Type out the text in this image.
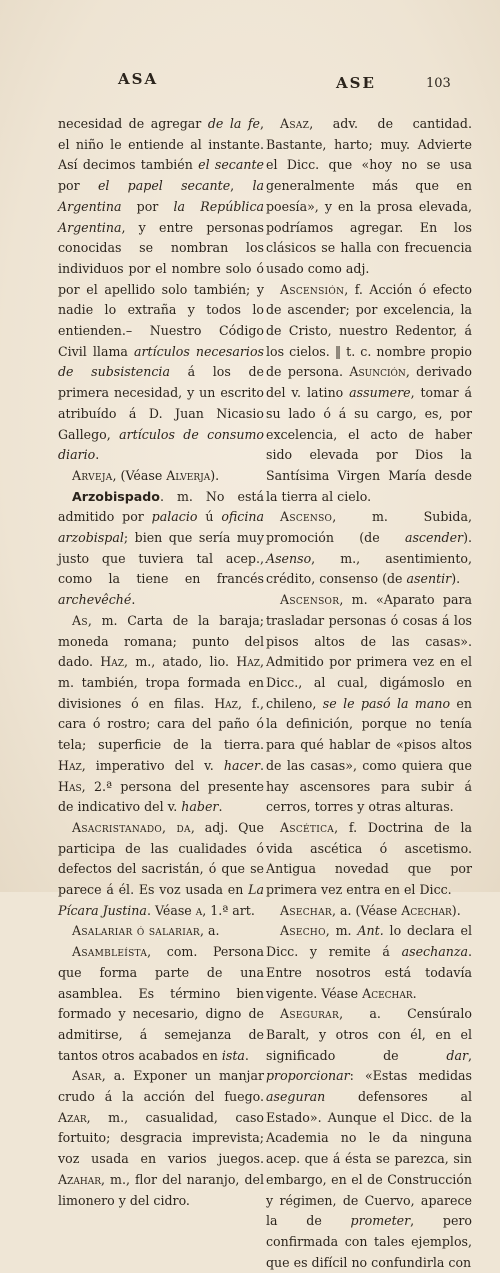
ASA	ASE	103

necesidad de agregar de la fe, el niño le entiende al instante. Así decimos también el secante por el papel secante, la Argentina por la República Argentina, y entre personas conocidas se nombran los individuos por el nombre solo ó por el apellido solo también; y nadie lo extraña y todos lo entienden.– Nuestro Código Civil llama artículos necesarios de subsistencia á los de primera necesidad, y un escrito atribuído á D. Juan Nicasio Gallego, artículos de consumo diario.

Arveja, (Véase Alverja).

Arzobispado. m. No está admitido por palacio ú oficina arzobispal; bien que sería muy justo que tuviera tal acep., como la tiene en francés archevêché.

As, m. Carta de la baraja; moneda romana; punto del dado. Haz, m., atado, lio. Haz, m. también, tropa formada en divisiones ó en filas. Haz, f., cara ó rostro; cara del paño ó tela; superficie de la tierra. Haz, imperativo del v. hacer. Has, 2.ª persona del presente de indicativo del v. haber.

Asacristanado, da, adj. Que participa de las cualidades ó defectos del sacristán, ó que se parece á él. Es voz usada en La Pícara Justina. Véase a, 1.ª art.

Asalariar ó salariar, a.

Asambleísta, com. Persona que forma parte de una asamblea. Es término bien formado y necesario, digno de admitirse, á semejanza de tantos otros acabados en ista.

Asar, a. Exponer un manjar crudo á la acción del fuego. Azar, m., casualidad, caso fortuito; desgracia imprevista; voz usada en varios juegos. Azahar, m., flor del naranjo, del limonero y del cidro.

Asaz, adv. de cantidad. Bastante, harto; muy. Advierte el Dicc. que «hoy no se usa generalmente más que en poesía», y en la prosa elevada, podríamos agregar. En los clásicos se halla con frecuencia usado como adj.

Ascensión, f. Acción ó efecto de ascender; por excelencia, la de Cristo, nuestro Redentor, á los cielos. ‖ t. c. nombre propio de persona. Asunción, derivado del v. latino assumere, tomar á su lado ó á su cargo, es, por excelencia, el acto de haber sido elevada por Dios la Santísima Virgen María desde la tierra al cielo.

Ascenso, m. Subida, promoción (de ascender). Asenso, m., asentimiento, crédito, consenso (de asentir).

Ascensor, m. «Aparato para trasladar personas ó cosas á los pisos altos de las casas». Admitido por primera vez en el Dicc., al cual, digámoslo en chileno, se le pasó la mano en la definición, porque no tenía para qué hablar de «pisos altos de las casas», como quiera que hay ascensores para subir á cerros, torres y otras alturas.

Ascética, f. Doctrina de la vida ascética ó ascetismo. Antigua novedad que por primera vez entra en el Dicc.

Asechar, a. (Véase Acechar).

Asecho, m. Ant. lo declara el Dicc. y remite á asechanza. Entre nosotros está todavía vigente. Véase Acechar.

Asegurar, a. Censúralo Baralt, y otros con él, en el significado de dar, proporcionar: «Estas medidas aseguran defensores al Estado». Aunque el Dicc. de la Academia no le da ninguna acep. que á ésta se parezca, sin embargo, en el de Construcción y régimen, de Cuervo, aparece la de prometer, pero confirmada con tales ejemplos, que es difícil no confundirla con
